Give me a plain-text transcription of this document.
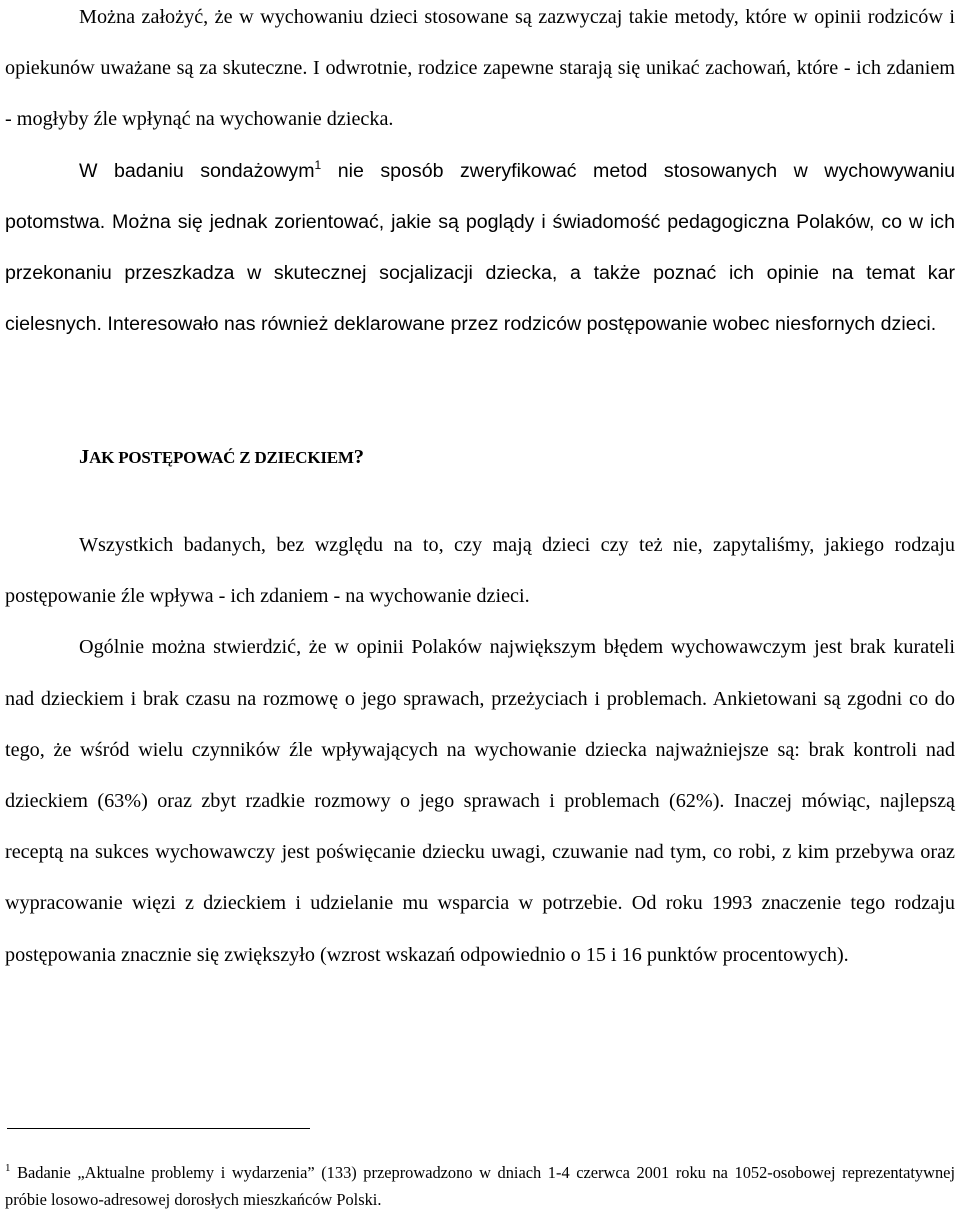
Można założyć, że w wychowaniu dzieci stosowane są zazwyczaj takie metody, które w opinii rodziców i opiekunów uważane są za skuteczne. I odwrotnie, rodzice zapewne starają się unikać zachowań, które - ich zdaniem - mogłyby źle wpłynąć na wychowanie dziecka.

W badaniu sondażowym$^1$ nie sposób zweryfikować metod stosowanych w wychowywaniu potomstwa. Można się jednak zorientować, jakie są poglądy i świadomość pedagogiczna Polaków, co w ich przekonaniu przeszkadza w skutecznej socjalizacji dziecka, a także poznać ich opinie na temat kar cielesnych. Interesowało nas również deklarowane przez rodziców postępowanie wobec niesfornych dzieci.

JAK POSTĘPOWAĆ Z DZIECKIEM?

Wszystkich badanych, bez względu na to, czy mają dzieci czy też nie, zapytaliśmy, jakiego rodzaju postępowanie źle wpływa - ich zdaniem - na wychowanie dzieci.

Ogólnie można stwierdzić, że w opinii Polaków największym błędem wychowawczym jest brak kurateli nad dzieckiem i brak czasu na rozmowę o jego sprawach, przeżyciach i problemach. Ankietowani są zgodni co do tego, że wśród wielu czynników źle wpływających na wychowanie dziecka najważniejsze są: brak kontroli nad dzieckiem (63%) oraz zbyt rzadkie rozmowy o jego sprawach i problemach (62%). Inaczej mówiąc, najlepszą receptą na sukces wychowawczy jest poświęcanie dziecku uwagi, czuwanie nad tym, co robi, z kim przebywa oraz wypracowanie więzi z dzieckiem i udzielanie mu wsparcia w potrzebie. Od roku 1993 znaczenie tego rodzaju postępowania znacznie się zwiększyło (wzrost wskazań odpowiednio o 15 i 16 punktów procentowych).

$^1$ Badanie „Aktualne problemy i wydarzenia” (133) przeprowadzono w dniach 1-4 czerwca 2001 roku na 1052-osobowej reprezentatywnej próbie losowo-adresowej dorosłych mieszkańców Polski.
